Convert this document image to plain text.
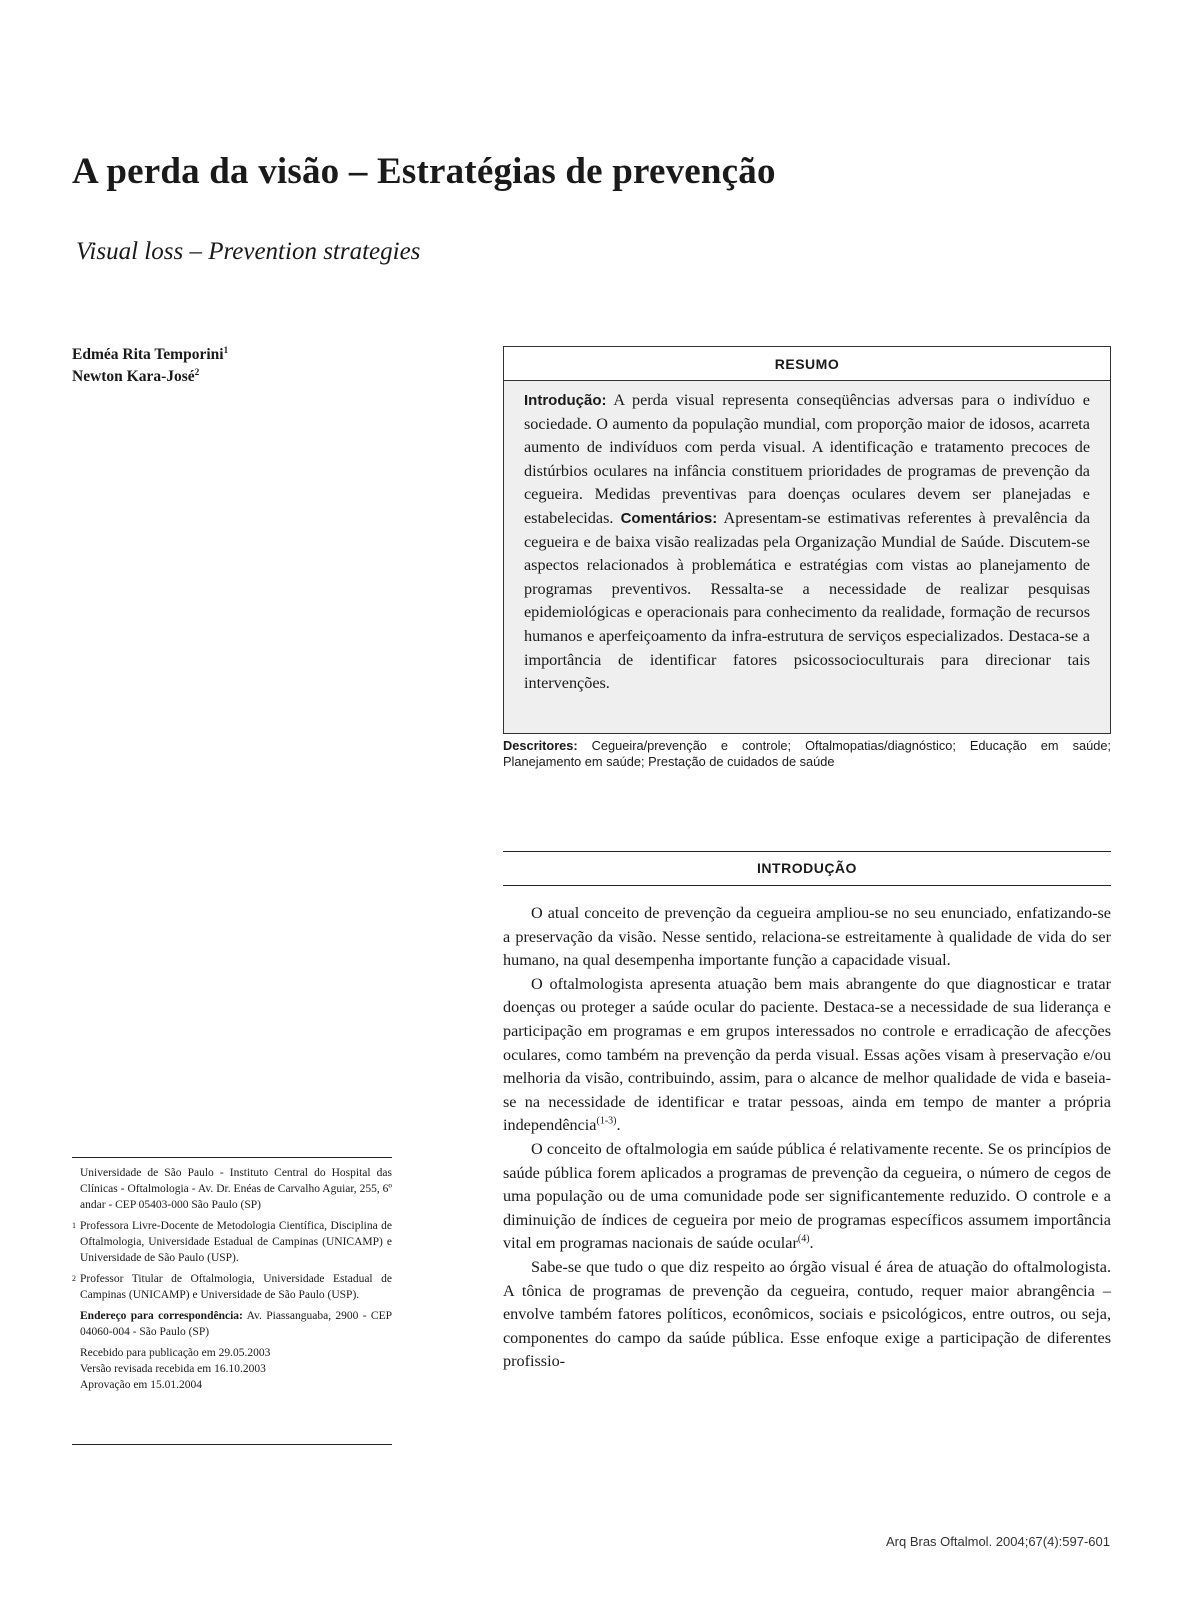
A perda da visão – Estratégias de prevenção
Visual loss – Prevention strategies
Edméa Rita Temporini$^1$
Newton Kara-José$^2$	RESUMO
Introdução: A perda visual representa conseqüências adversas para o indivíduo e sociedade. O aumento da população mundial, com proporção maior de idosos, acarreta aumento de indivíduos com perda visual. A identificação e tratamento precoces de distúrbios oculares na infância constituem prioridades de programas de prevenção da cegueira. Medidas preventivas para doenças oculares devem ser planejadas e estabelecidas. Comentários: Apresentam-se estimativas referentes à prevalência da cegueira e de baixa visão realizadas pela Organização Mundial de Saúde. Discutem-se aspectos relacionados à problemática e estratégias com vistas ao planejamento de programas preventivos. Ressalta-se a necessidade de realizar pesquisas epidemiológicas e operacionais para conhecimento da realidade, formação de recursos humanos e aperfeiçoamento da infra-estrutura de serviços especializados. Destaca-se a importância de identificar fatores psicossocioculturais para direcionar tais intervenções.
Descritores: Cegueira/prevenção e controle; Oftalmopatias/diagnóstico; Educação em saúde; Planejamento em saúde; Prestação de cuidados de saúde
INTRODUÇÃO

O atual conceito de prevenção da cegueira ampliou-se no seu enunciado, enfatizando-se a preservação da visão. Nesse sentido, relaciona-se estreitamente à qualidade de vida do ser humano, na qual desempenha importante função a capacidade visual.

O oftalmologista apresenta atuação bem mais abrangente do que diagnosticar e tratar doenças ou proteger a saúde ocular do paciente. Destaca-se a necessidade de sua liderança e participação em programas e em grupos interessados no controle e erradicação de afecções oculares, como também na prevenção da perda visual. Essas ações visam à preservação e/ou melhoria da visão, contribuindo, assim, para o alcance de melhor qualidade de vida e baseia-se na necessidade de identificar e tratar pessoas, ainda em tempo de manter a própria independência$^{(1-3)}$.

O conceito de oftalmologia em saúde pública é relativamente recente. Se os princípios de saúde pública forem aplicados a programas de prevenção da cegueira, o número de cegos de uma população ou de uma comunidade pode ser significantemente reduzido. O controle e a diminuição de índices de cegueira por meio de programas específicos assumem importância vital em programas nacionais de saúde ocular$^{(4)}$.

Sabe-se que tudo o que diz respeito ao órgão visual é área de atuação do oftalmologista. A tônica de programas de prevenção da cegueira, contudo, requer maior abrangência – envolve também fatores políticos, econômicos, sociais e psicológicos, entre outros, ou seja, componentes do campo da saúde pública. Esse enfoque exige a participação de diferentes profissio-

Universidade de São Paulo - Instituto Central do Hospital das Clínicas - Oftalmologia - Av. Dr. Enéas de Carvalho Aguiar, 255, 6º andar - CEP 05403-000 São Paulo (SP)
1 Professora Livre-Docente de Metodologia Científica, Disciplina de Oftalmologia, Universidade Estadual de Campinas (UNICAMP) e Universidade de São Paulo (USP).
2 Professor Titular de Oftalmologia, Universidade Estadual de Campinas (UNICAMP) e Universidade de São Paulo (USP).
Endereço para correspondência: Av. Piassanguaba, 2900 - CEP 04060-004 - São Paulo (SP)
Recebido para publicação em 29.05.2003
Versão revisada recebida em 16.10.2003
Aprovação em 15.01.2004
Arq Bras Oftalmol. 2004;67(4):597-601
